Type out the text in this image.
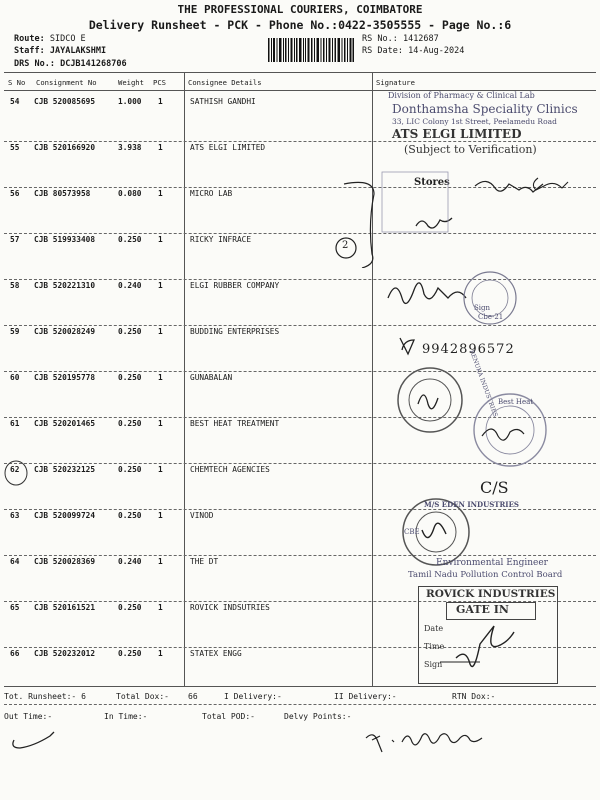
THE PROFESSIONAL COURIERS, COIMBATORE
Delivery Runsheet - PCK - Phone No.:0422-3505555 - Page No.:6
Route: SIDCO E
Staff: JAYALAKSHMI
DRS No.: DCJB141268706
RS No.: 1412687
RS Date: 14-Aug-2024
S No Consignment No	Weight PCS	Consignee Details	Signature
54 CJB 520085695	1.000 1	SATHISH GANDHI
55 CJB 520166920	3.938 1	ATS ELGI LIMITED
56 CJB 80573958	0.080 1	MICRO LAB
57 CJB 519933408	0.250 1	RICKY INFRACE
58 CJB 520221310	0.240 1	ELGI RUBBER COMPANY
59 CJB 520028249	0.250 1	BUDDING ENTERPRISES
60 CJB 520195778	0.250 1	GUNABALAN
61 CJB 520201465	0.250 1	BEST HEAT TREATMENT
62 CJB 520232125	0.250 1	CHEMTECH AGENCIES
63 CJB 520099724	0.250 1	VINOD
64 CJB 520028369	0.240 1	THE DT
65 CJB 520161521	0.250 1	ROVICK INDSUTRIES
66 CJB 520232012	0.250 1	STATEX ENGG
Division of Pharmacy & Clinical Lab
Donthamsha Speciality Clinics
33, LIC Colony 1st Street, Peelamedu Road
ATS ELGI LIMITED
(Subject to Verification)
Stores
2
Sign
Cbe-21
9942896572
RENUKA INDUSTRIES Best Heat
C/S
M/S EDEN INDUSTRIES
CBE
Environmental Engineer
Tamil Nadu Pollution Control Board
ROVICK INDUSTRIES
GATE IN
Date
Time
Sign
Tot. Runsheet:- 6	Total Dox:- 66	I Delivery:-	II Delivery:-	RTN Dox:-
Out Time:-	In Time:-	Total POD:-	Delvy Points:-
